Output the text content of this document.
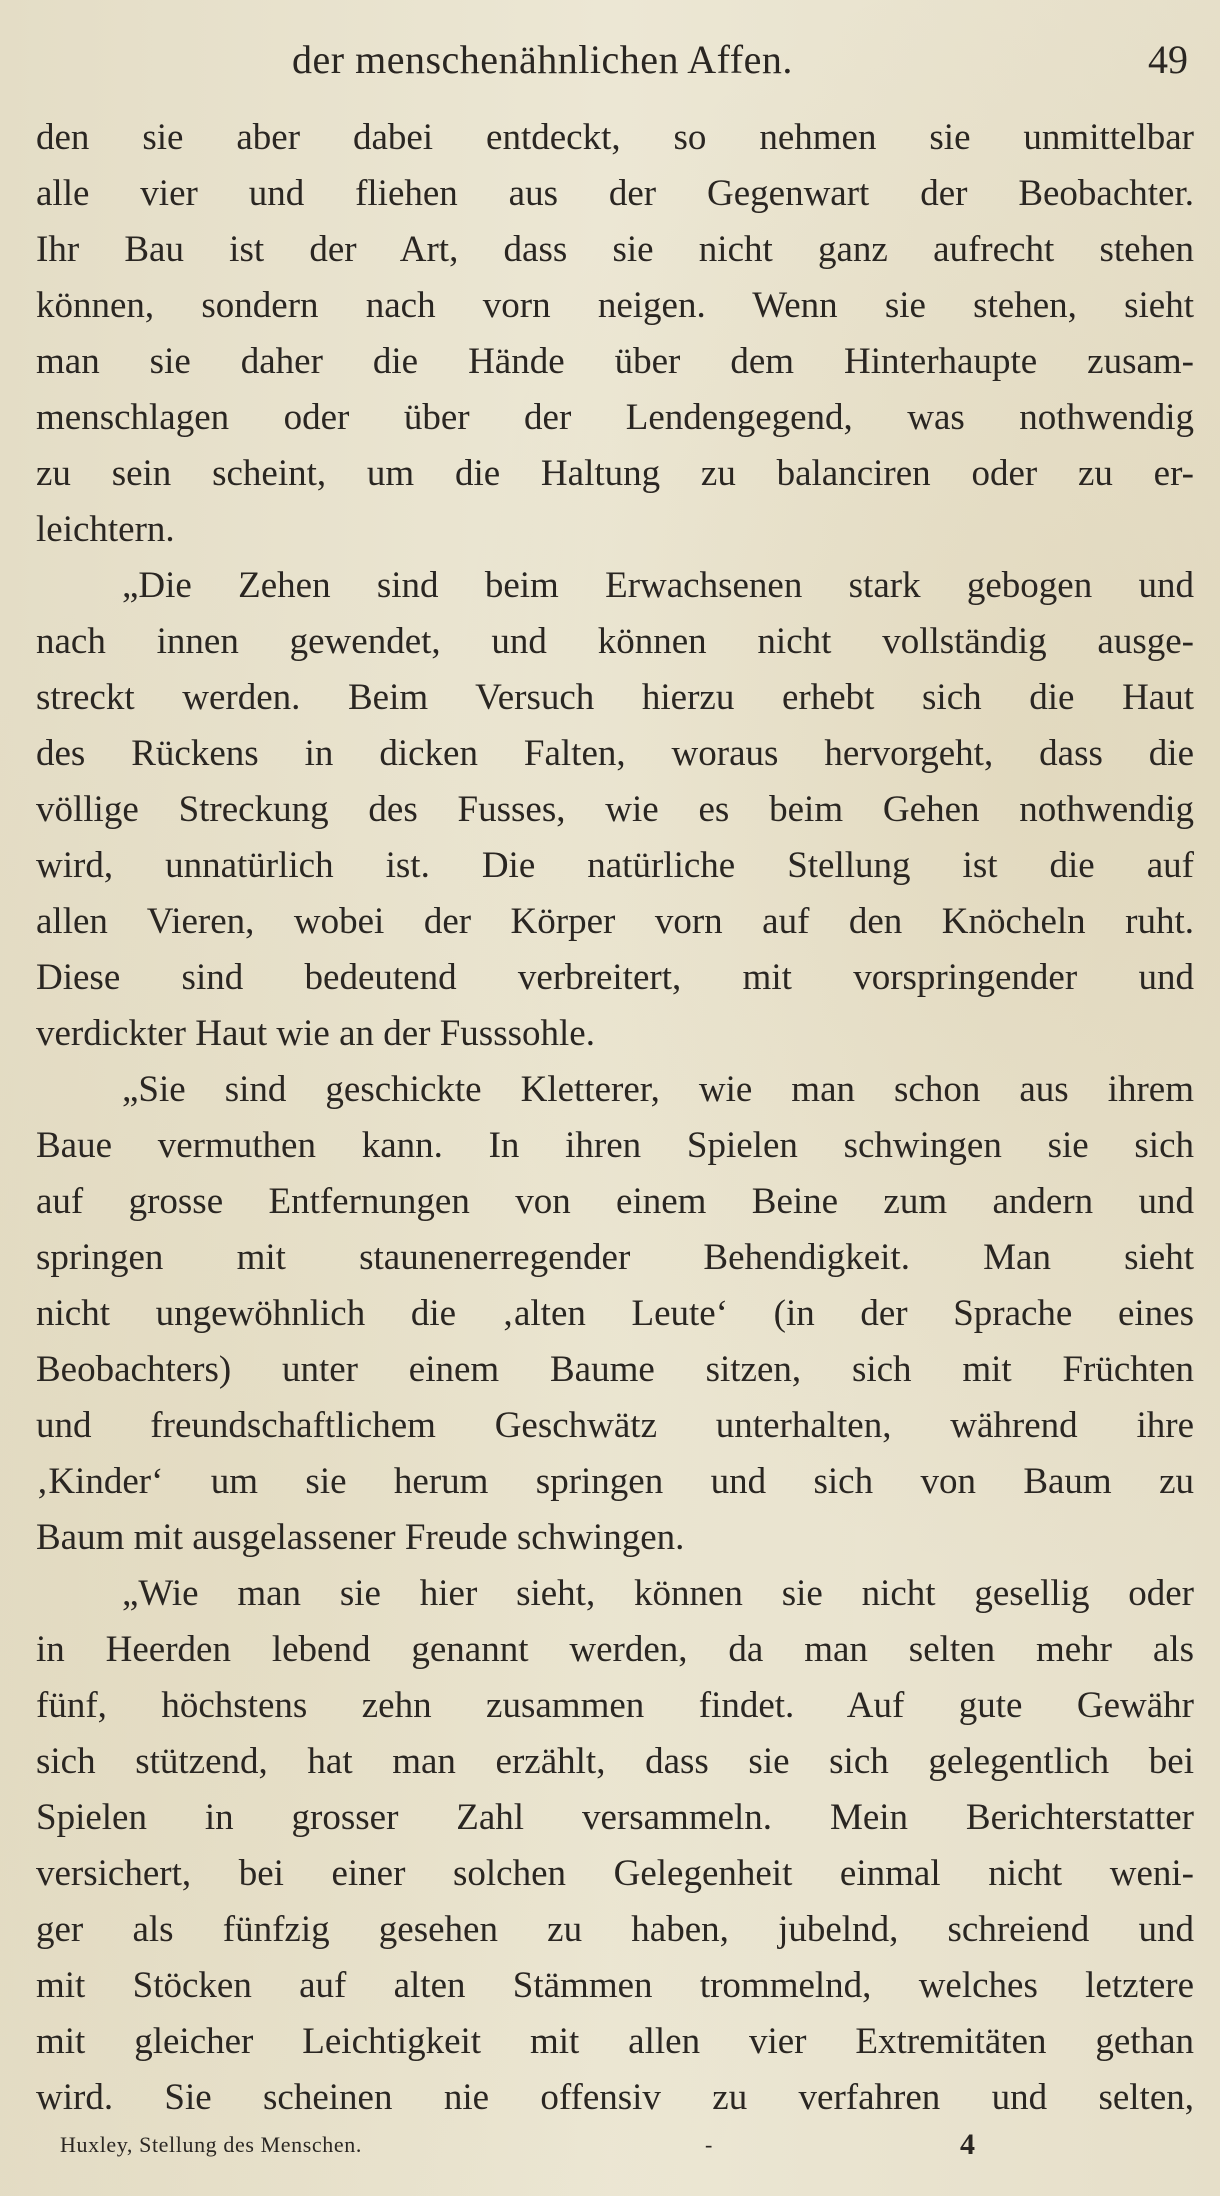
der menschenähnlichen Affen.	49
den sie aber dabei entdeckt, so nehmen sie unmittelbar
alle vier und fliehen aus der Gegenwart der Beobachter.
Ihr Bau ist der Art, dass sie nicht ganz aufrecht stehen
können, sondern nach vorn neigen. Wenn sie stehen, sieht
man sie daher die Hände über dem Hinterhaupte zusam-
menschlagen oder über der Lendengegend, was nothwendig
zu sein scheint, um die Haltung zu balanciren oder zu er-
leichtern.
„Die Zehen sind beim Erwachsenen stark gebogen und
nach innen gewendet, und können nicht vollständig ausge-
streckt werden. Beim Versuch hierzu erhebt sich die Haut
des Rückens in dicken Falten, woraus hervorgeht, dass die
völlige Streckung des Fusses, wie es beim Gehen nothwendig
wird, unnatürlich ist. Die natürliche Stellung ist die auf
allen Vieren, wobei der Körper vorn auf den Knöcheln ruht.
Diese sind bedeutend verbreitert, mit vorspringender und
verdickter Haut wie an der Fusssohle.
„Sie sind geschickte Kletterer, wie man schon aus ihrem
Baue vermuthen kann. In ihren Spielen schwingen sie sich
auf grosse Entfernungen von einem Beine zum andern und
springen mit staunenerregender Behendigkeit. Man sieht
nicht ungewöhnlich die ‚alten Leute‘ (in der Sprache eines
Beobachters) unter einem Baume sitzen, sich mit Früchten
und freundschaftlichem Geschwätz unterhalten, während ihre
‚Kinder‘ um sie herum springen und sich von Baum zu
Baum mit ausgelassener Freude schwingen.
„Wie man sie hier sieht, können sie nicht gesellig oder
in Heerden lebend genannt werden, da man selten mehr als
fünf, höchstens zehn zusammen findet. Auf gute Gewähr
sich stützend, hat man erzählt, dass sie sich gelegentlich bei
Spielen in grosser Zahl versammeln. Mein Berichterstatter
versichert, bei einer solchen Gelegenheit einmal nicht weni-
ger als fünfzig gesehen zu haben, jubelnd, schreiend und
mit Stöcken auf alten Stämmen trommelnd, welches letztere
mit gleicher Leichtigkeit mit allen vier Extremitäten gethan
wird. Sie scheinen nie offensiv zu verfahren und selten,
Huxley, Stellung des Menschen.	-	4
